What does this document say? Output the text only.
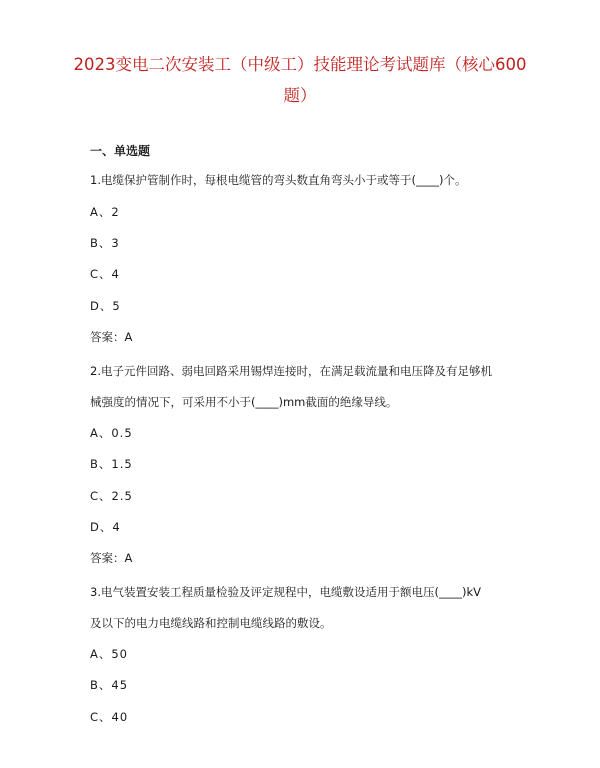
2023变电二次安装工（中级工）技能理论考试题库（核心600
题）
一、单选题
1.电缆保护管制作时，每根电缆管的弯头数直角弯头小于或等于(____)个。
A、2
B、3
C、4
D、5
答案：A
2.电子元件回路、弱电回路采用锡焊连接时，在满足载流量和电压降及有足够机
械强度的情况下，可采用不小于(____)mm截面的绝缘导线。
A、0.5
B、1.5
C、2.5
D、4
答案：A
3.电气装置安装工程质量检验及评定规程中，电缆敷设适用于额电压(____)kV
及以下的电力电缆线路和控制电缆线路的敷设。
A、50
B、45
C、40
